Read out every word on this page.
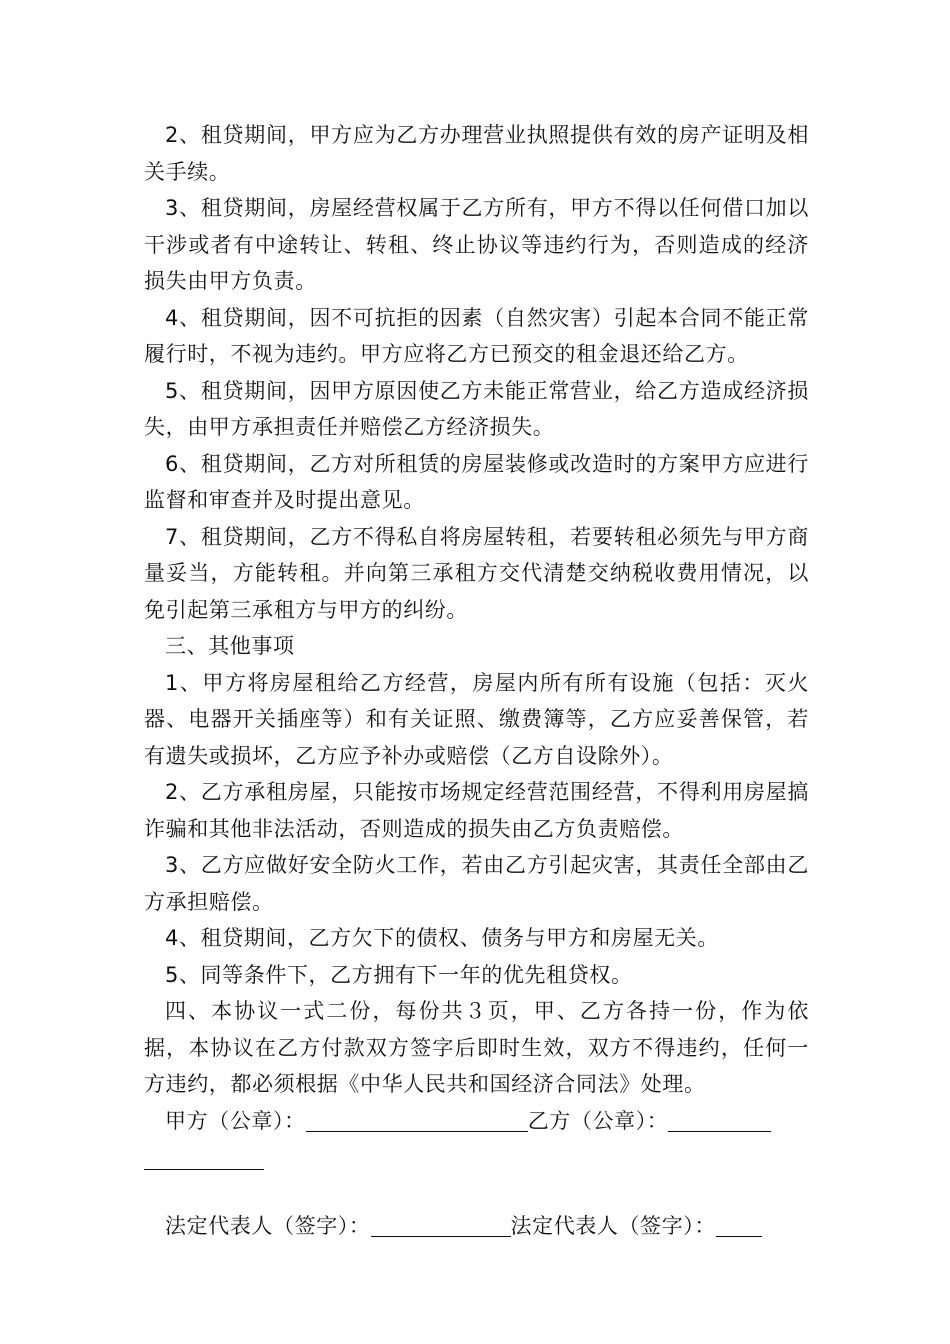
2、租贷期间，甲方应为乙方办理营业执照提供有效的房产证明及相关手续。

3、租贷期间，房屋经营权属于乙方所有，甲方不得以任何借口加以干涉或者有中途转让、转租、终止协议等违约行为，否则造成的经济损失由甲方负责。

4、租贷期间，因不可抗拒的因素（自然灾害）引起本合同不能正常履行时，不视为违约。甲方应将乙方已预交的租金退还给乙方。

5、租贷期间，因甲方原因使乙方未能正常营业，给乙方造成经济损失，由甲方承担责任并赔偿乙方经济损失。

6、租贷期间，乙方对所租赁的房屋装修或改造时的方案甲方应进行监督和审查并及时提出意见。

7、租贷期间，乙方不得私自将房屋转租，若要转租必须先与甲方商量妥当，方能转租。并向第三承租方交代清楚交纳税收费用情况，以免引起第三承租方与甲方的纠纷。

三、其他事项

1、甲方将房屋租给乙方经营，房屋内所有所有设施（包括：灭火器、电器开关插座等）和有关证照、缴费簿等，乙方应妥善保管，若有遗失或损坏，乙方应予补办或赔偿（乙方自设除外）。

2、乙方承租房屋，只能按市场规定经营范围经营，不得利用房屋搞诈骗和其他非法活动，否则造成的损失由乙方负责赔偿。

3、乙方应做好安全防火工作，若由乙方引起灾害，其责任全部由乙方承担赔偿。

4、租贷期间，乙方欠下的债权、债务与甲方和房屋无关。

5、同等条件下，乙方拥有下一年的优先租贷权。

四、本协议一式二份，每份共３页，甲、乙方各持一份，作为依据，本协议在乙方付款双方签字后即时生效，双方不得违约，任何一方违约，都必须根据《中华人民共和国经济合同法》处理。

甲方（公章）：	乙方（公章）：

法定代表人（签字）：	法定代表人（签字）：
